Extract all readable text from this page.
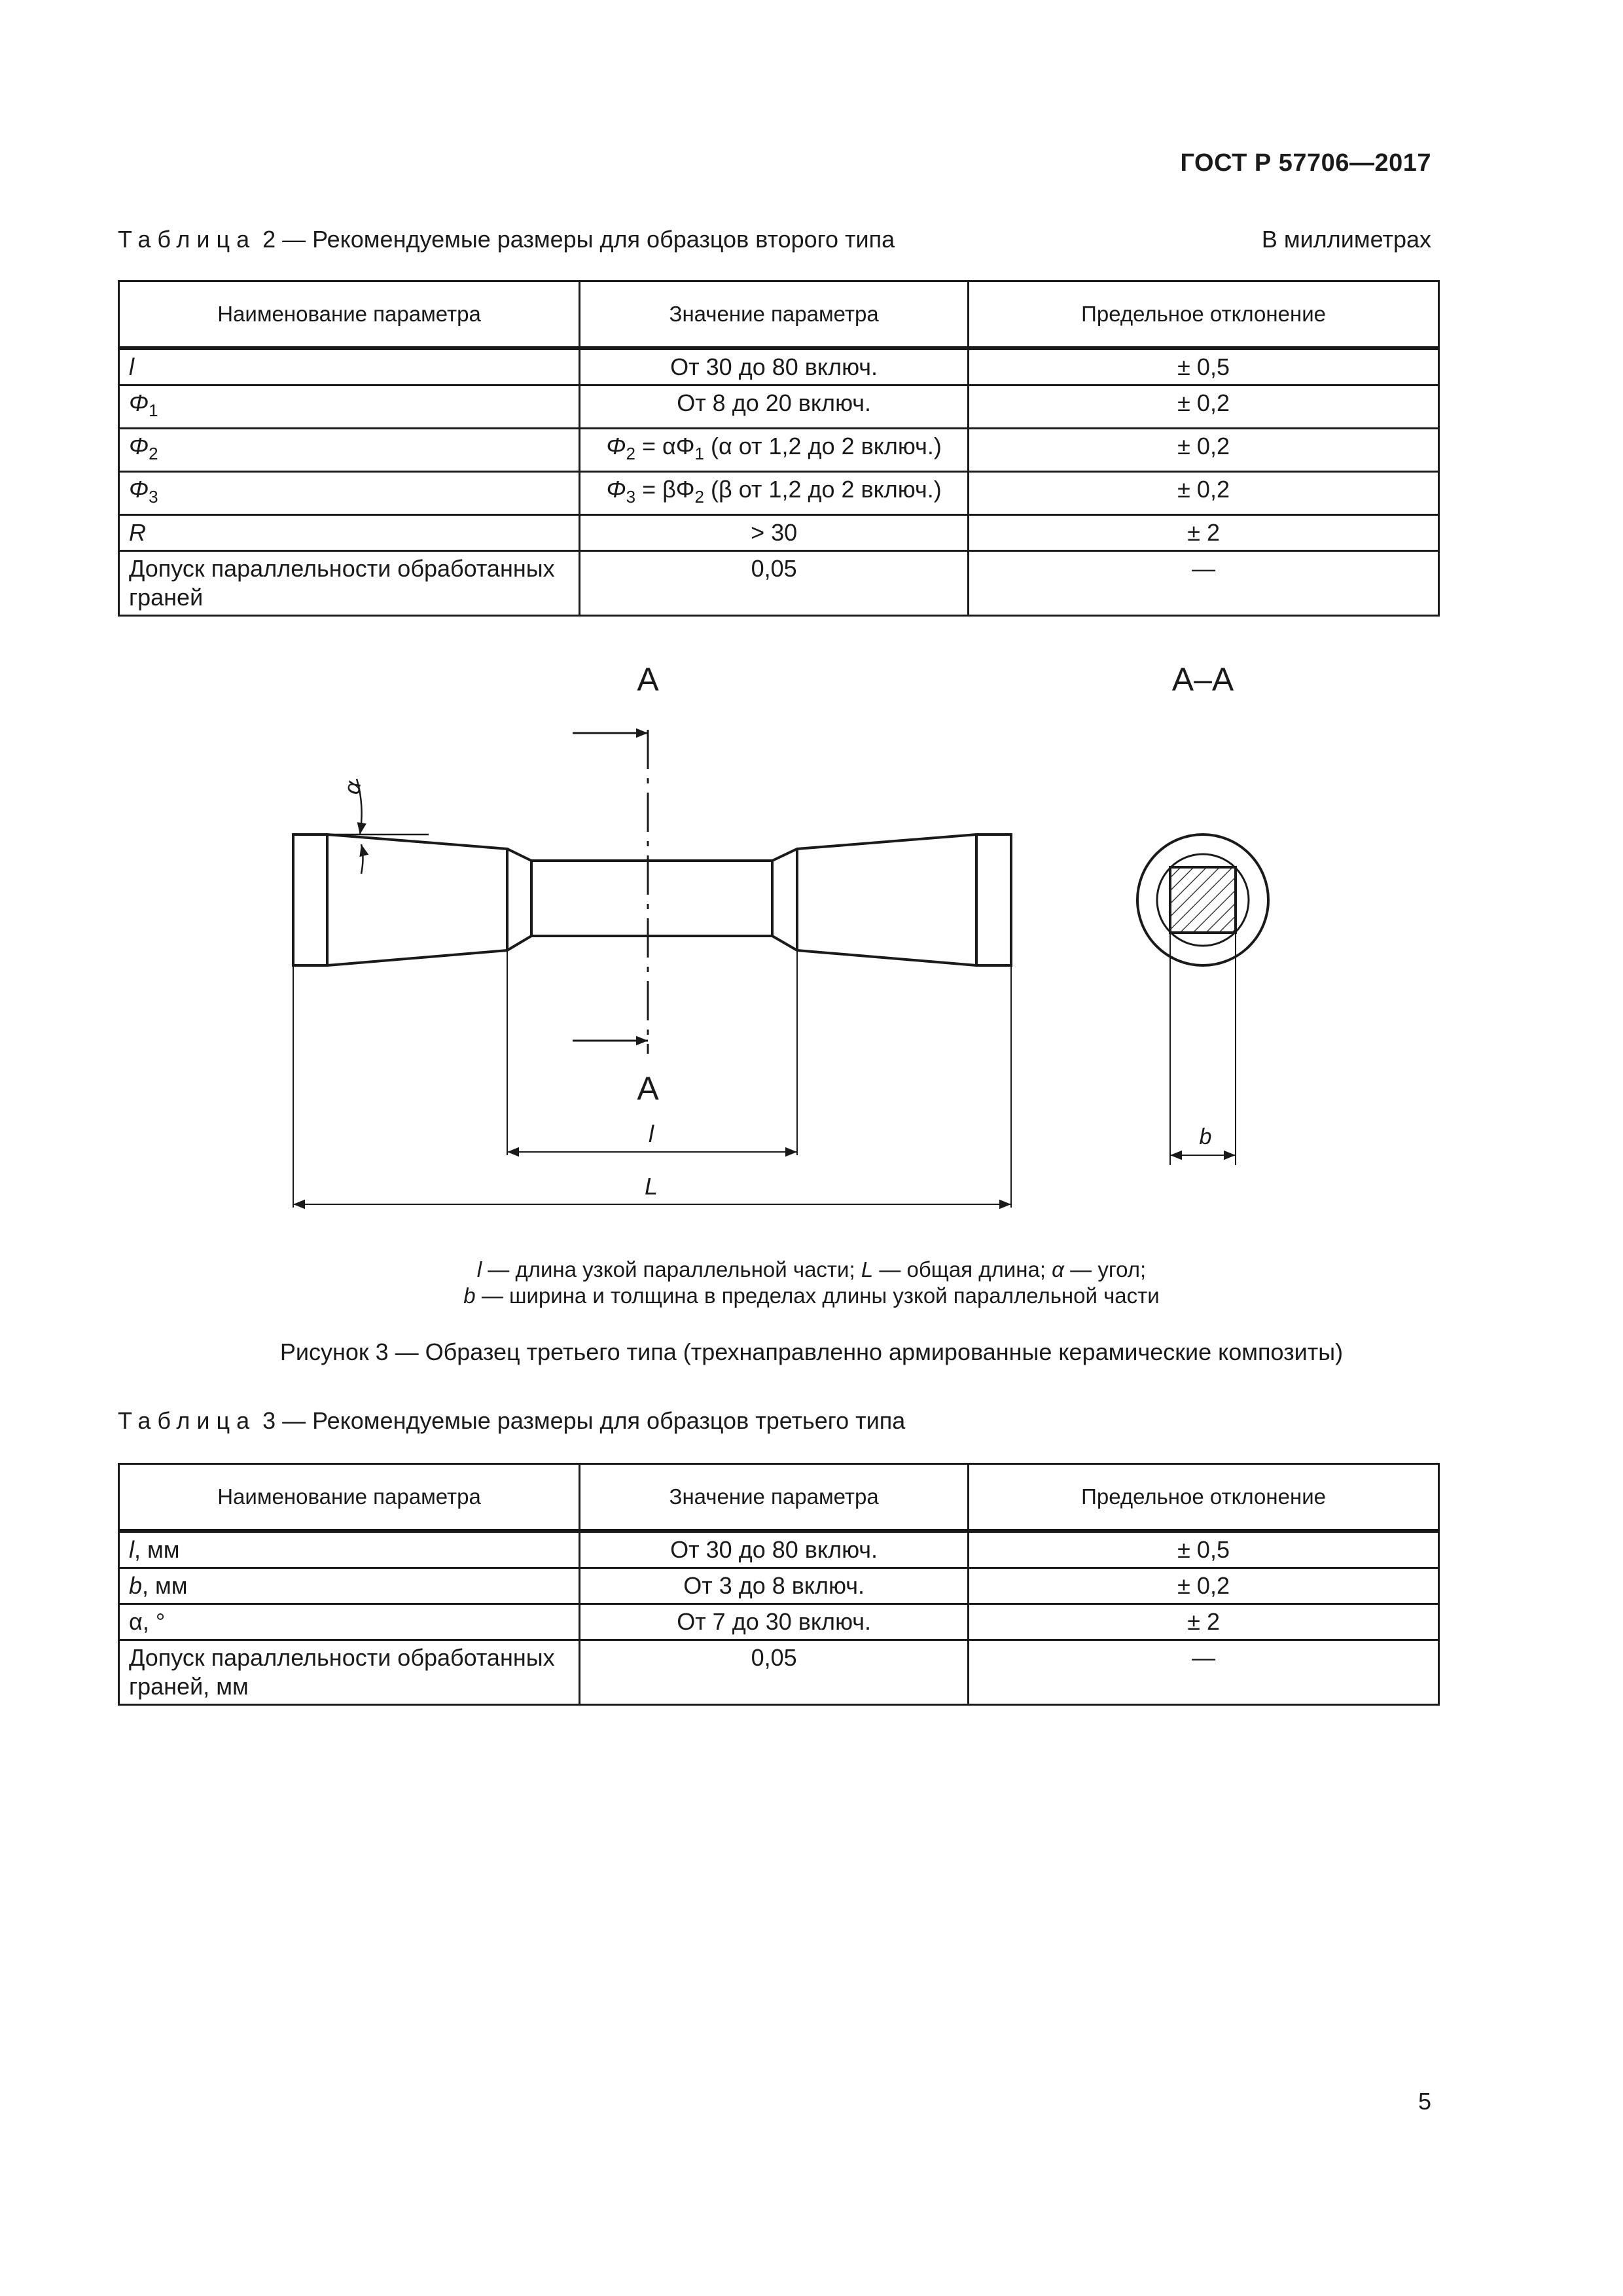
ГОСТ Р 57706—2017
Таблица 2 — Рекомендуемые размеры для образцов второго типа	В миллиметрах
Наименование параметра	Значение параметра	Предельное отклонение

l	От 30 до 80 включ.	± 0,5
$\Phi_1$	От 8 до 20 включ.	± 0,2
$\Phi_2$	$\Phi_2 = \alpha\Phi_1$ (α от 1,2 до 2 включ.)	± 0,2
$\Phi_3$	$\Phi_3 = \beta\Phi_2$ (β от 1,2 до 2 включ.)	± 0,2
R	> 30	± 2
Допуск параллельности обработанных граней	0,05	—
А
А
α
l
L
А–А
b
l — длина узкой параллельной части; L — общая длина; α — угол;
b — ширина и толщина в пределах длины узкой параллельной части
Рисунок 3 — Образец третьего типа (трехнаправленно армированные керамические композиты)
Таблица 3 — Рекомендуемые размеры для образцов третьего типа
Наименование параметра	Значение параметра	Предельное отклонение

l, мм	От 30 до 80 включ.	± 0,5
b, мм	От 3 до 8 включ.	± 0,2
α, °	От 7 до 30 включ.	± 2
Допуск параллельности обработанных граней, мм	0,05	—
5
